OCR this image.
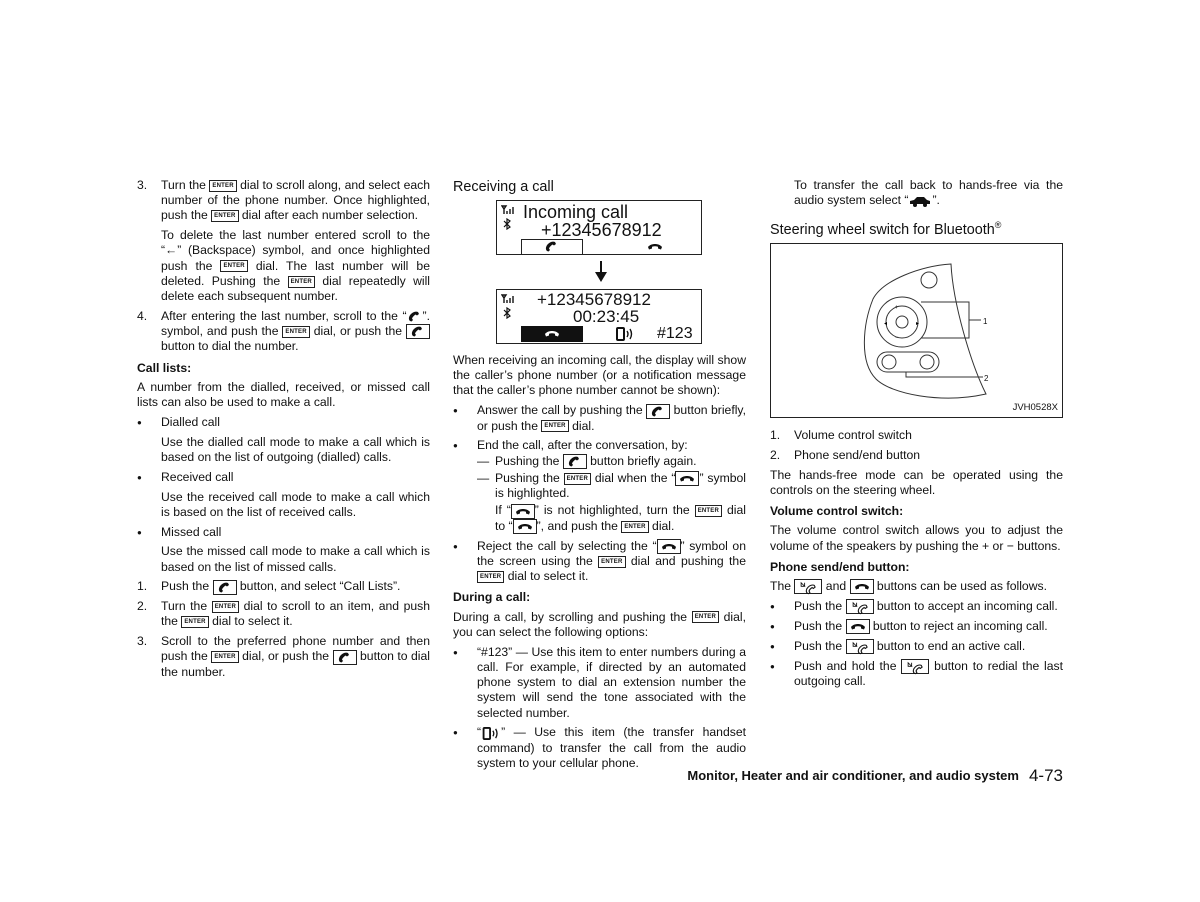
3. Turn the ENTER dial to scroll along, and select each number of the phone number. Once highlighted, push the ENTER dial after each number selection.
To delete the last number entered scroll to the “←” (Backspace) symbol, and once highlighted push the ENTER dial. The last number will be deleted. Pushing the ENTER dial repeatedly will delete each subsequent number.
4. After entering the last number, scroll to the “ ”. symbol, and push the ENTER dial, or push the
button to dial the number.

Call lists:

A number from the dialled, received, or missed call lists can also be used to make a call.

● Dialled call
Use the dialled call mode to make a call which is based on the list of outgoing (dialled) calls.
● Received call
Use the received call mode to make a call which is based on the list of received calls.
● Missed call
Use the missed call mode to make a call which is based on the list of missed calls.
1. Push the	button, and select “Call Lists”.
2. Turn the ENTER dial to scroll to an item, and push the ENTER dial to select it.
3. Scroll to the preferred phone number and then push the ENTER dial, or push the	button to dial the number.

Receiving a call

Incoming call
+12345678912
+12345678912
00:23:45
#123

When receiving an incoming call, the display will show the caller’s phone number (or a notification message that the caller’s phone number cannot be shown):

● Answer the call by pushing the	button briefly, or push the ENTER dial.
● End the call, after the conversation, by:
— Pushing the	button briefly again.
— Pushing the ENTER dial when the “ ” symbol is highlighted.
If “ ” is not highlighted, turn the ENTER dial to “ ”, and push the ENTER dial.
● Reject the call by selecting the “ ” symbol on the screen using the ENTER dial and pushing the ENTER dial to select it.

During a call:

During a call, by scrolling and pushing the ENTER dial, you can select the following options:

● “#123” — Use this item to enter numbers during a call. For example, if directed by an automated phone system to dial an extension number the system will send the tone associated with the selected number.
● “ ” — Use this item (the transfer handset command) to transfer the call from the audio system to your cellular phone.

To transfer the call back to hands-free via the audio system select “ ”.

Steering wheel switch for Bluetooth®

+
−
◂	▸	1
2
JVH0528X
1. Volume control switch
2. Phone send/end button

The hands-free mode can be operated using the controls on the steering wheel.

Volume control switch:

The volume control switch allows you to adjust the volume of the speakers by pushing the + or − buttons.

Phone send/end button:

The	and	buttons can be used as follows.

● Push the	button to accept an incoming call.
● Push the	button to reject an incoming call.
● Push the	button to end an active call.
● Push and hold the	button to redial the last outgoing call.
Monitor, Heater and air conditioner, and audio system 4-73
